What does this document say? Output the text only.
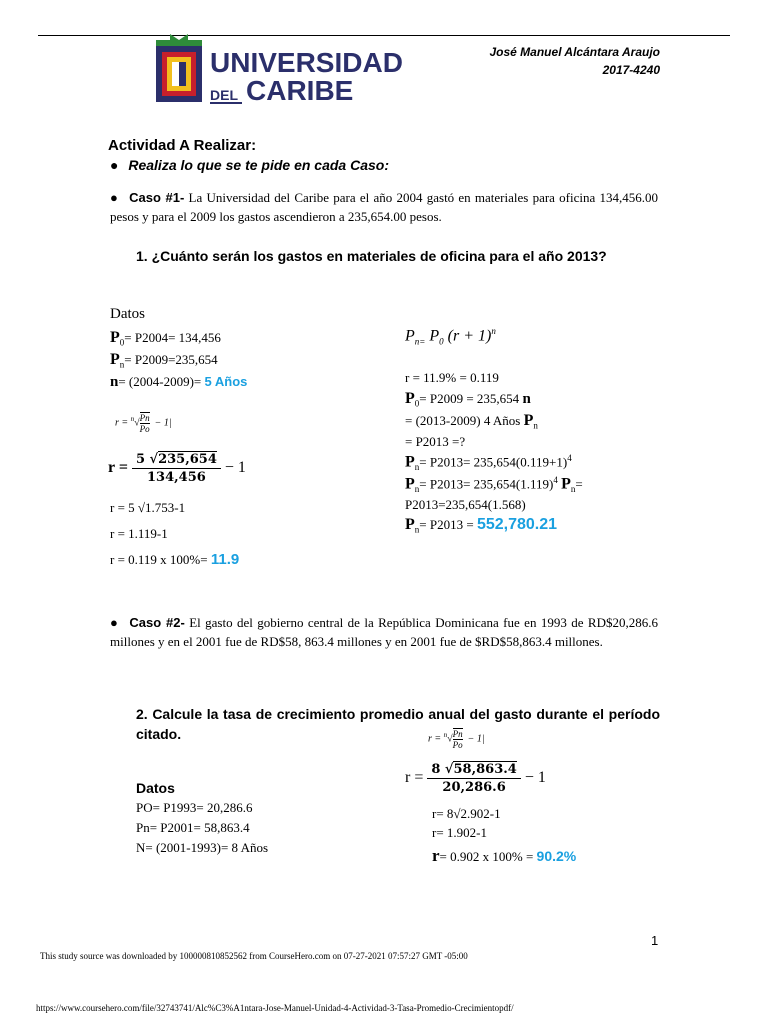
UNIVERSIDAD
DEL CARIBE
José Manuel Alcántara Araujo
2017-4240
Actividad A Realizar:
● Realiza lo que se te pide en cada Caso:
● Caso #1- La Universidad del Caribe para el año 2004 gastó en materiales para oficina 134,456.00 pesos y para el 2009 los gastos ascendieron a 235,654.00 pesos.
1. ¿Cuánto serán los gastos en materiales de oficina para el año 2013?
Datos
$P_0= P2004= 134,456$
$P_n= P2009=235,654$
n= (2004-2009)= 5 Años
$r = ^n√ \frac{Pn}{Po} - 1|$
$r = \frac{5 √235,654}{134,456} - 1$
r = 5 √1.753-1
r = 1.119-1
r = 0.119 x 100%= 11.9
$P_{n=}$ $P_0$ $(r + 1)^n$
r = 11.9% = 0.119
$P_0= P2009 = 235,654$ n
= (2013-2009) 4 Años $P_n$
= P2013 =?
$P_n= P2013= 235,654(0.119+1)^4$
$P_n= P2013= 235,654(1.119)^4$ $P_n=$
P2013=235,654(1.568)
$P_n= P2013 = 552,780.21$
● Caso #2- El gasto del gobierno central de la República Dominicana fue en 1993 de RD$20,286.6 millones y en el 2001 fue de RD$58, 863.4 millones y en 2001 fue de $RD$58,863.4 millones.
2. Calcule la tasa de crecimiento promedio anual del gasto durante el período citado.	$r = ^n√ \frac{Pn}{Po} - 1|$
Datos
PO= P1993= 20,286.6
Pn= P2001= 58,863.4
N= (2001-1993)= 8 Años
$r = \frac{8 √58,863.4}{20,286.6} - 1$
r= 8√2.902-1
r= 1.902-1
r= 0.902 x 100% = 90.2%
1
This study source was downloaded by 100000810852562 from CourseHero.com on 07-27-2021 07:57:27 GMT -05:00
https://www.coursehero.com/file/32743741/Alc%C3%A1ntara-Jose-Manuel-Unidad-4-Actividad-3-Tasa-Promedio-Crecimientopdf/
